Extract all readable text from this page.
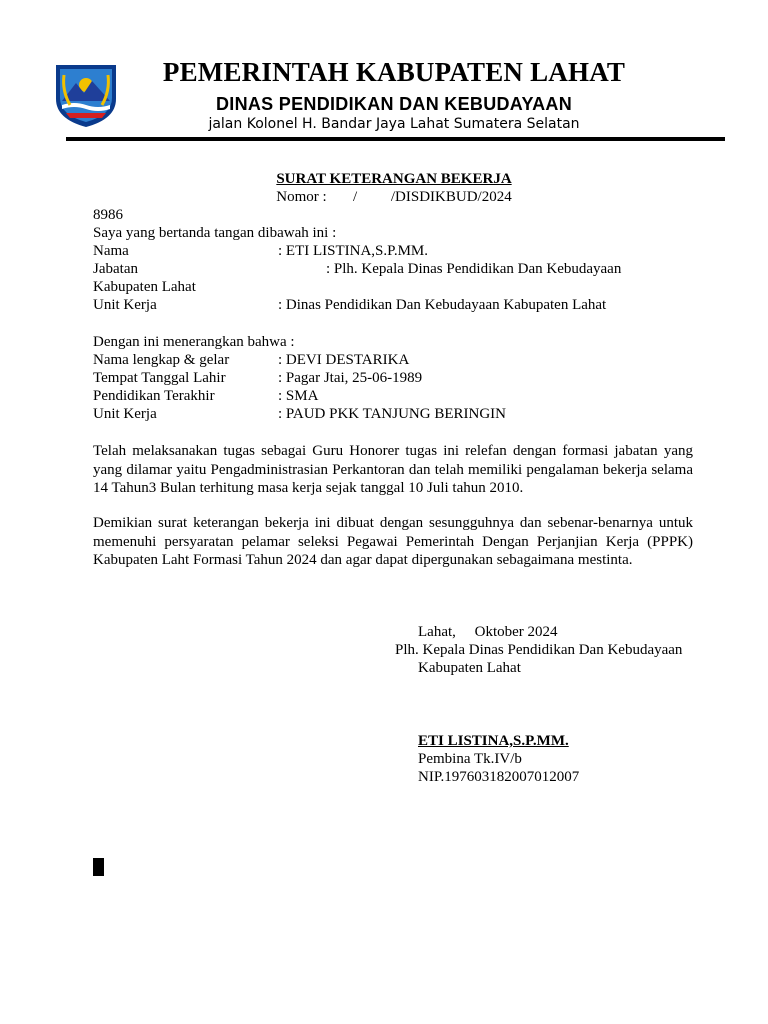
PEMERINTAH KABUPATEN LAHAT
DINAS PENDIDIKAN DAN KEBUDAYAAN
jalan Kolonel H. Bandar Jaya Lahat Sumatera Selatan
SURAT KETERANGAN BEKERJA
Nomor :       /         /DISDIKBUD/2024
8986
Saya yang bertanda tangan dibawah ini :
Nama	: ETI LISTINA,S.P.MM.
Jabatan	: Plh. Kepala Dinas Pendidikan Dan Kebudayaan
Kabupaten Lahat
Unit Kerja	: Dinas Pendidikan Dan Kebudayaan Kabupaten Lahat
Dengan ini menerangkan bahwa :
Nama lengkap & gelar	: DEVI DESTARIKA
Tempat Tanggal Lahir	: Pagar Jtai, 25-06-1989
Pendidikan Terakhir	: SMA
Unit Kerja	: PAUD PKK TANJUNG BERINGIN
Telah melaksanakan tugas sebagai Guru Honorer tugas ini relefan dengan formasi jabatan yang yang dilamar yaitu Pengadministrasian Perkantoran dan telah memiliki pengalaman bekerja selama 14 Tahun3 Bulan terhitung masa kerja sejak tanggal 10 Juli tahun 2010.
Demikian surat keterangan bekerja ini dibuat dengan sesungguhnya dan sebenar-benarnya untuk memenuhi persyaratan pelamar seleksi Pegawai Pemerintah Dengan Perjanjian Kerja (PPPK) Kabupaten Laht Formasi Tahun 2024 dan agar dapat dipergunakan sebagaimana mestinta.
Lahat,     Oktober 2024
Plh. Kepala Dinas Pendidikan Dan Kebudayaan
Kabupaten Lahat
ETI LISTINA,S.P.MM.
Pembina Tk.IV/b
NIP.197603182007012007
